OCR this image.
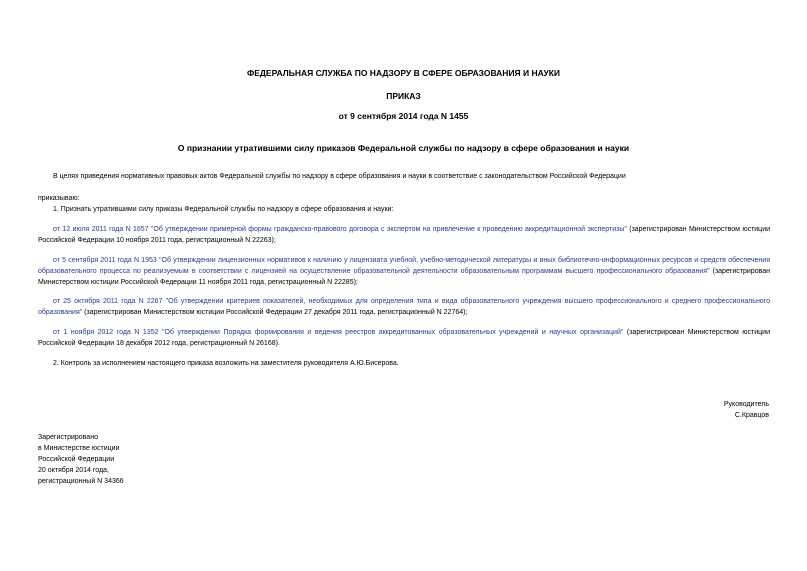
ФЕДЕРАЛЬНАЯ СЛУЖБА ПО НАДЗОРУ В СФЕРЕ ОБРАЗОВАНИЯ И НАУКИ
ПРИКАЗ
от 9 сентября 2014 года N 1455
О признании утратившими силу приказов Федеральной службы по надзору в сфере образования и науки
В целях приведения нормативных правовых актов Федеральной службы по надзору в сфере образования и науки в соответствие с законодательством Российской Федерации
приказываю:
1. Признать утратившими силу приказы Федеральной службы по надзору в сфере образования и науки:
от 12 июля 2011 года N 1657 "Об утверждении примерной формы гражданско-правового договора с экспертом на привлечение к проведению аккредитационной экспертизы" (зарегистрирован Министерством юстиции Российской Федерации 10 ноября 2011 года, регистрационный N 22263);
от 5 сентября 2011 года N 1953 "Об утверждении лицензионных нормативов к наличию у лицензиата учебной, учебно-методической литературы и иных библиотечно-информационных ресурсов и средств обеспечения образовательного процесса по реализуемым в соответствии с лицензией на осуществление образовательной деятельности образовательным программам высшего профессионального образования" (зарегистрирован Министерством юстиции Российской Федерации 11 ноября 2011 года, регистрационный N 22285);
от 25 октября 2011 года N 2267 "Об утверждении критериев показателей, необходимых для определения типа и вида образовательного учреждения высшего профессионального и среднего профессионального образования" (зарегистрирован Министерством юстиции Российской Федерации 27 декабря 2011 года, регистрационный N 22764);
от 1 ноября 2012 года N 1352 "Об утверждении Порядка формирования и ведения реестров аккредитованных образовательных учреждений и научных организаций" (зарегистрирован Министерством юстиции Российской Федерации 18 декабря 2012 года, регистрационный N 26168).
2. Контроль за исполнением настоящего приказа возложить на заместителя руководителя А.Ю.Бисерова.
Руководитель
С.Кравцов
Зарегистрировано
в Министерстве юстиции
Российской Федерации
20 октября 2014 года,
регистрационный N 34366
